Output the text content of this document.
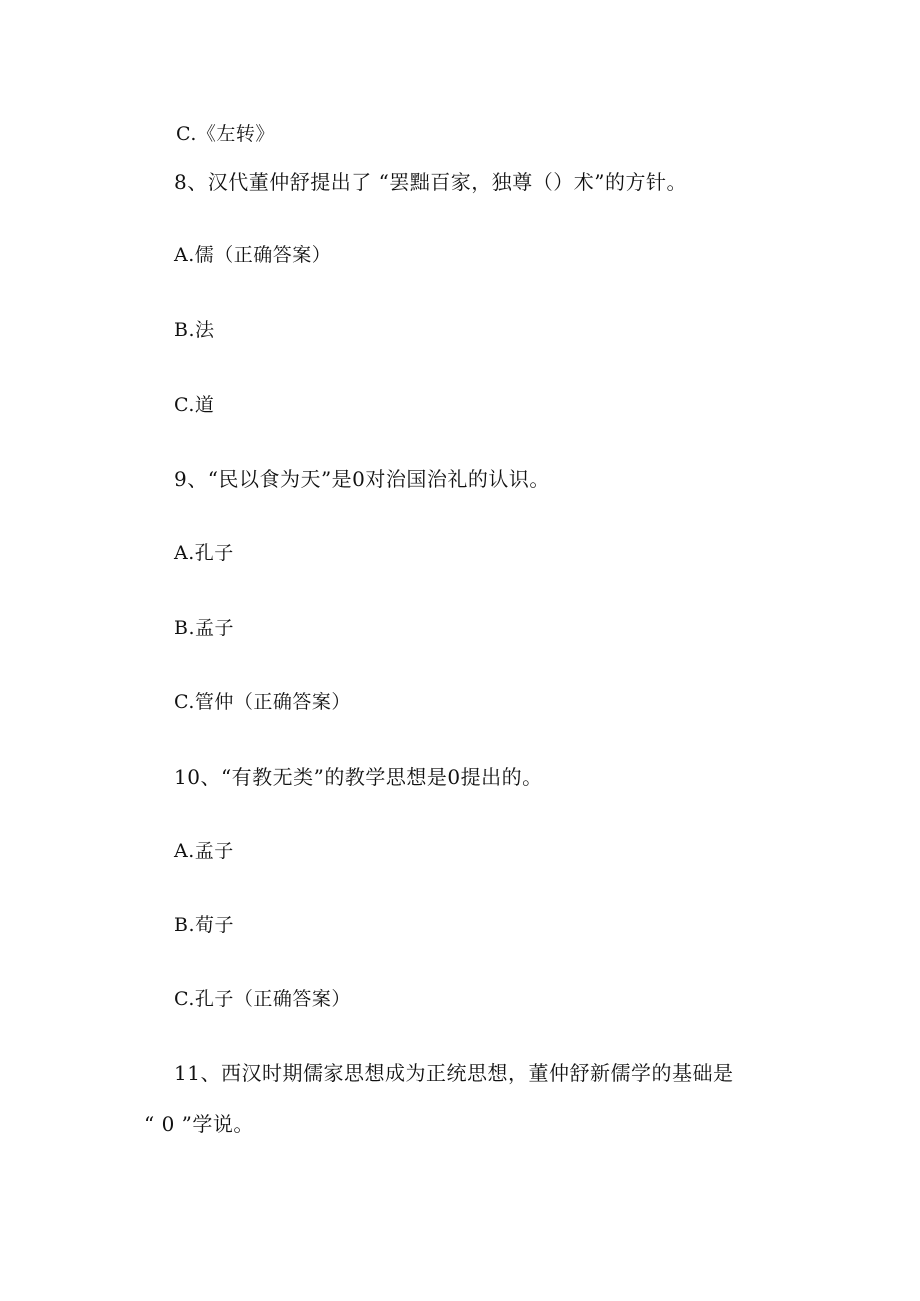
C.《左转》
8、汉代董仲舒提出了 “罢黜百家，独尊（）术”的方针。
A.儒（正确答案）
B.法
C.道
9、“民以食为天”是0对治国治礼的认识。
A.孔子
B.孟子
C.管仲（正确答案）
10、“有教无类”的教学思想是0提出的。
A.孟子
B.荀子
C.孔子（正确答案）
11、西汉时期儒家思想成为正统思想，董仲舒新儒学的基础是
“ 0 ”学说。
